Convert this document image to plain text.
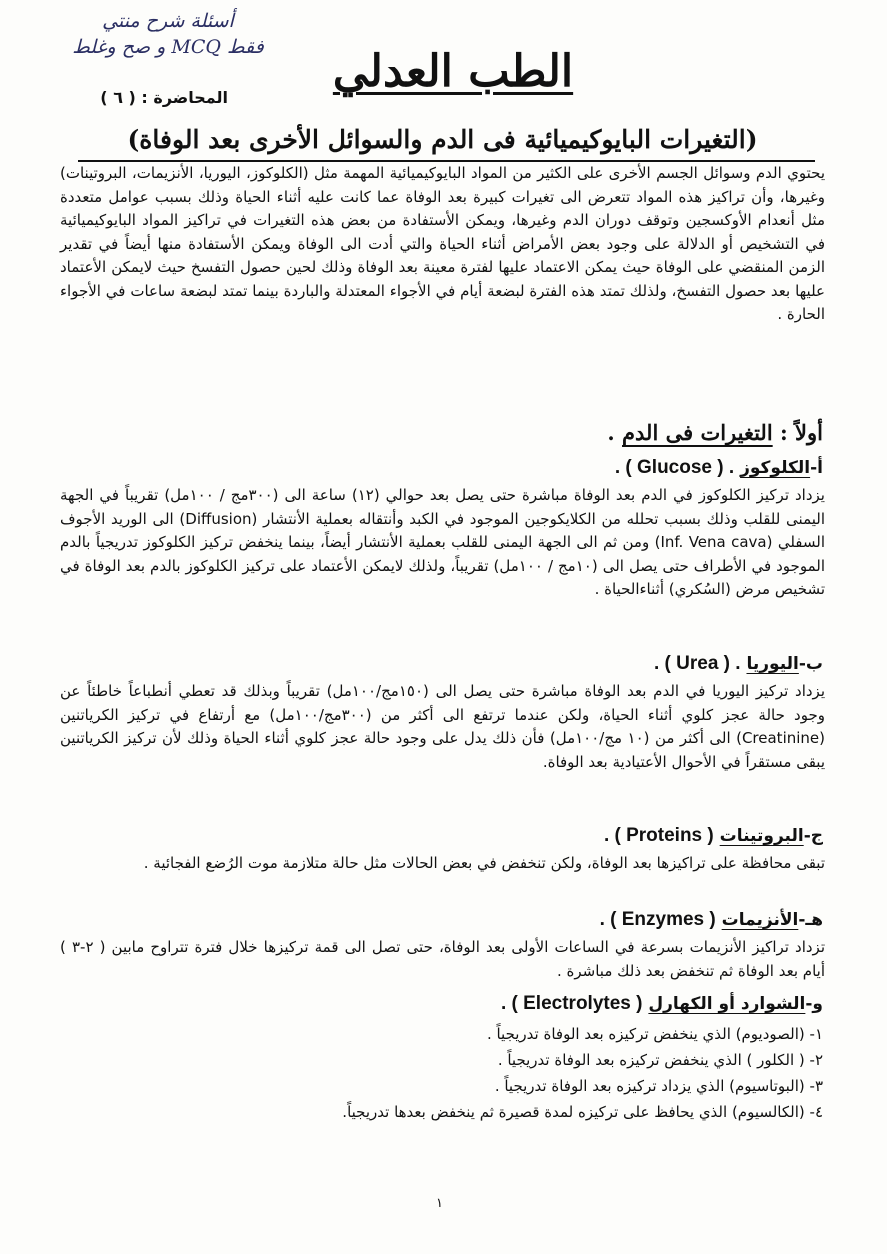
أسئلة شرح منتي
فقط MCQ و صح وغلط	الطب العدلي
المحاضرة : ( ٦ )
(التغيرات البايوكيميائية فى الدم والسوائل الأخرى بعد الوفاة)

يحتوي الدم وسوائل الجسم الأخرى على الكثير من المواد البايوكيميائية المهمة مثل (الكلوكوز، اليوريا، الأنزيمات، البروتينات) وغيرها، وأن تراكيز هذه المواد تتعرض الى تغيرات كبيرة بعد الوفاة عما كانت عليه أثناء الحياة وذلك بسبب عوامل متعددة مثل أنعدام الأوكسجين وتوقف دوران الدم وغيرها، ويمكن الأستفادة من بعض هذه التغيرات في تراكيز المواد البايوكيميائية في التشخيص أو الدلالة على وجود بعض الأمراض أثناء الحياة والتي أدت الى الوفاة ويمكن الأستفادة منها أيضاً في تقدير الزمن المنقضي على الوفاة حيث يمكن الاعتماد عليها لفترة معينة بعد الوفاة وذلك لحين حصول التفسخ حيث لايمكن الأعتماد عليها بعد حصول التفسخ، ولذلك تمتد هذه الفترة لبضعة أيام في الأجواء المعتدلة والباردة بينما تمتد لبضعة ساعات في الأجواء الحارة .

أولاً : التغيرات فى الدم .
أ-الكلوكوز . ( Glucose ) .

يزداد تركيز الكلوكوز في الدم بعد الوفاة مباشرة حتى يصل بعد حوالي (١٢) ساعة الى (٣٠٠مج / ١٠٠مل) تقريباً في الجهة اليمنى للقلب وذلك بسبب تحلله من الكلايكوجين الموجود في الكبد وأنتقاله بعملية الأنتشار (Diffusion) الى الوريد الأجوف السفلي (Inf. Vena cava) ومن ثم الى الجهة اليمنى للقلب بعملية الأنتشار أيضاً، بينما ينخفض تركيز الكلوكوز تدريجياً بالدم الموجود في الأطراف حتى يصل الى (١٠مج / ١٠٠مل) تقريباً، ولذلك لايمكن الأعتماد على تركيز الكلوكوز بالدم بعد الوفاة في تشخيص مرض (السُكري) أثناءالحياة .

ب-اليوريا . ( Urea ) .

يزداد تركيز اليوريا في الدم بعد الوفاة مباشرة حتى يصل الى (١٥٠مج/١٠٠مل) تقريباً وبذلك قد تعطي أنطباعاً خاطئاً عن وجود حالة عجز كلوي أثناء الحياة، ولكن عندما ترتفع الى أكثر من (٣٠٠مج/١٠٠مل) مع أرتفاع في تركيز الكرياتنين (Creatinine) الى أكثر من (١٠ مج/١٠٠مل) فأن ذلك يدل على وجود حالة عجز كلوي أثناء الحياة وذلك لأن تركيز الكرياتنين يبقى مستقراً في الأحوال الأعتيادية بعد الوفاة.

ج-البروتينات . ( Proteins )

تبقى محافظة على تراكيزها بعد الوفاة، ولكن تنخفض في بعض الحالات مثل حالة متلازمة موت الرُضع الفجائية .

هـ-الأنزيمات . ( Enzymes )

تزداد تراكيز الأنزيمات بسرعة في الساعات الأولى بعد الوفاة، حتى تصل الى قمة تركيزها خلال فترة تتراوح مابين ( ٢-٣ ) أيام بعد الوفاة ثم تنخفض بعد ذلك مباشرة .

و-الشوارد أو الكهارل . ( Electrolytes )
١- (الصوديوم) الذي ينخفض تركيزه بعد الوفاة تدريجياً .
٢- ( الكلور ) الذي ينخفض تركيزه بعد الوفاة تدريجياً .
٣- (البوتاسيوم) الذي يزداد تركيزه بعد الوفاة تدريجياً .
٤- (الكالسيوم) الذي يحافظ على تركيزه لمدة قصيرة ثم ينخفض بعدها تدريجياً.
١
